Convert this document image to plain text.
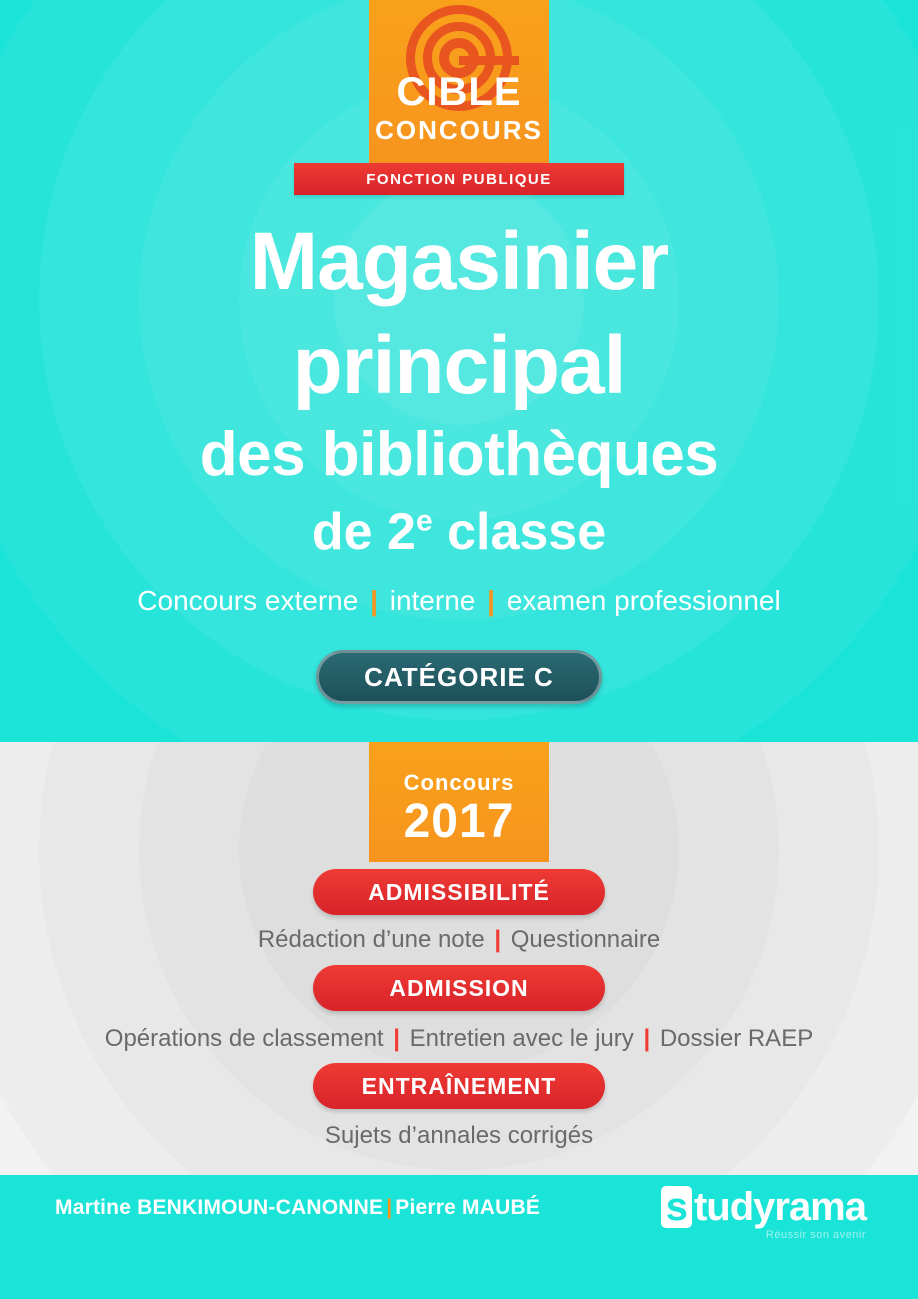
CIBLE
CONCOURS
FONCTION PUBLIQUE
Magasinier
principal
des bibliothèques
de 2e classe
Concours externe | interne | examen professionnel
CATÉGORIE C
Concours
2017
ADMISSIBILITÉ
Rédaction d’une note | Questionnaire
ADMISSION
Opérations de classement | Entretien avec le jury | Dossier RAEP
ENTRAÎNEMENT
Sujets d’annales corrigés
Martine BENKIMOUN-CANONNE | Pierre MAUBÉ	s tudyrama
Réussir son avenir
